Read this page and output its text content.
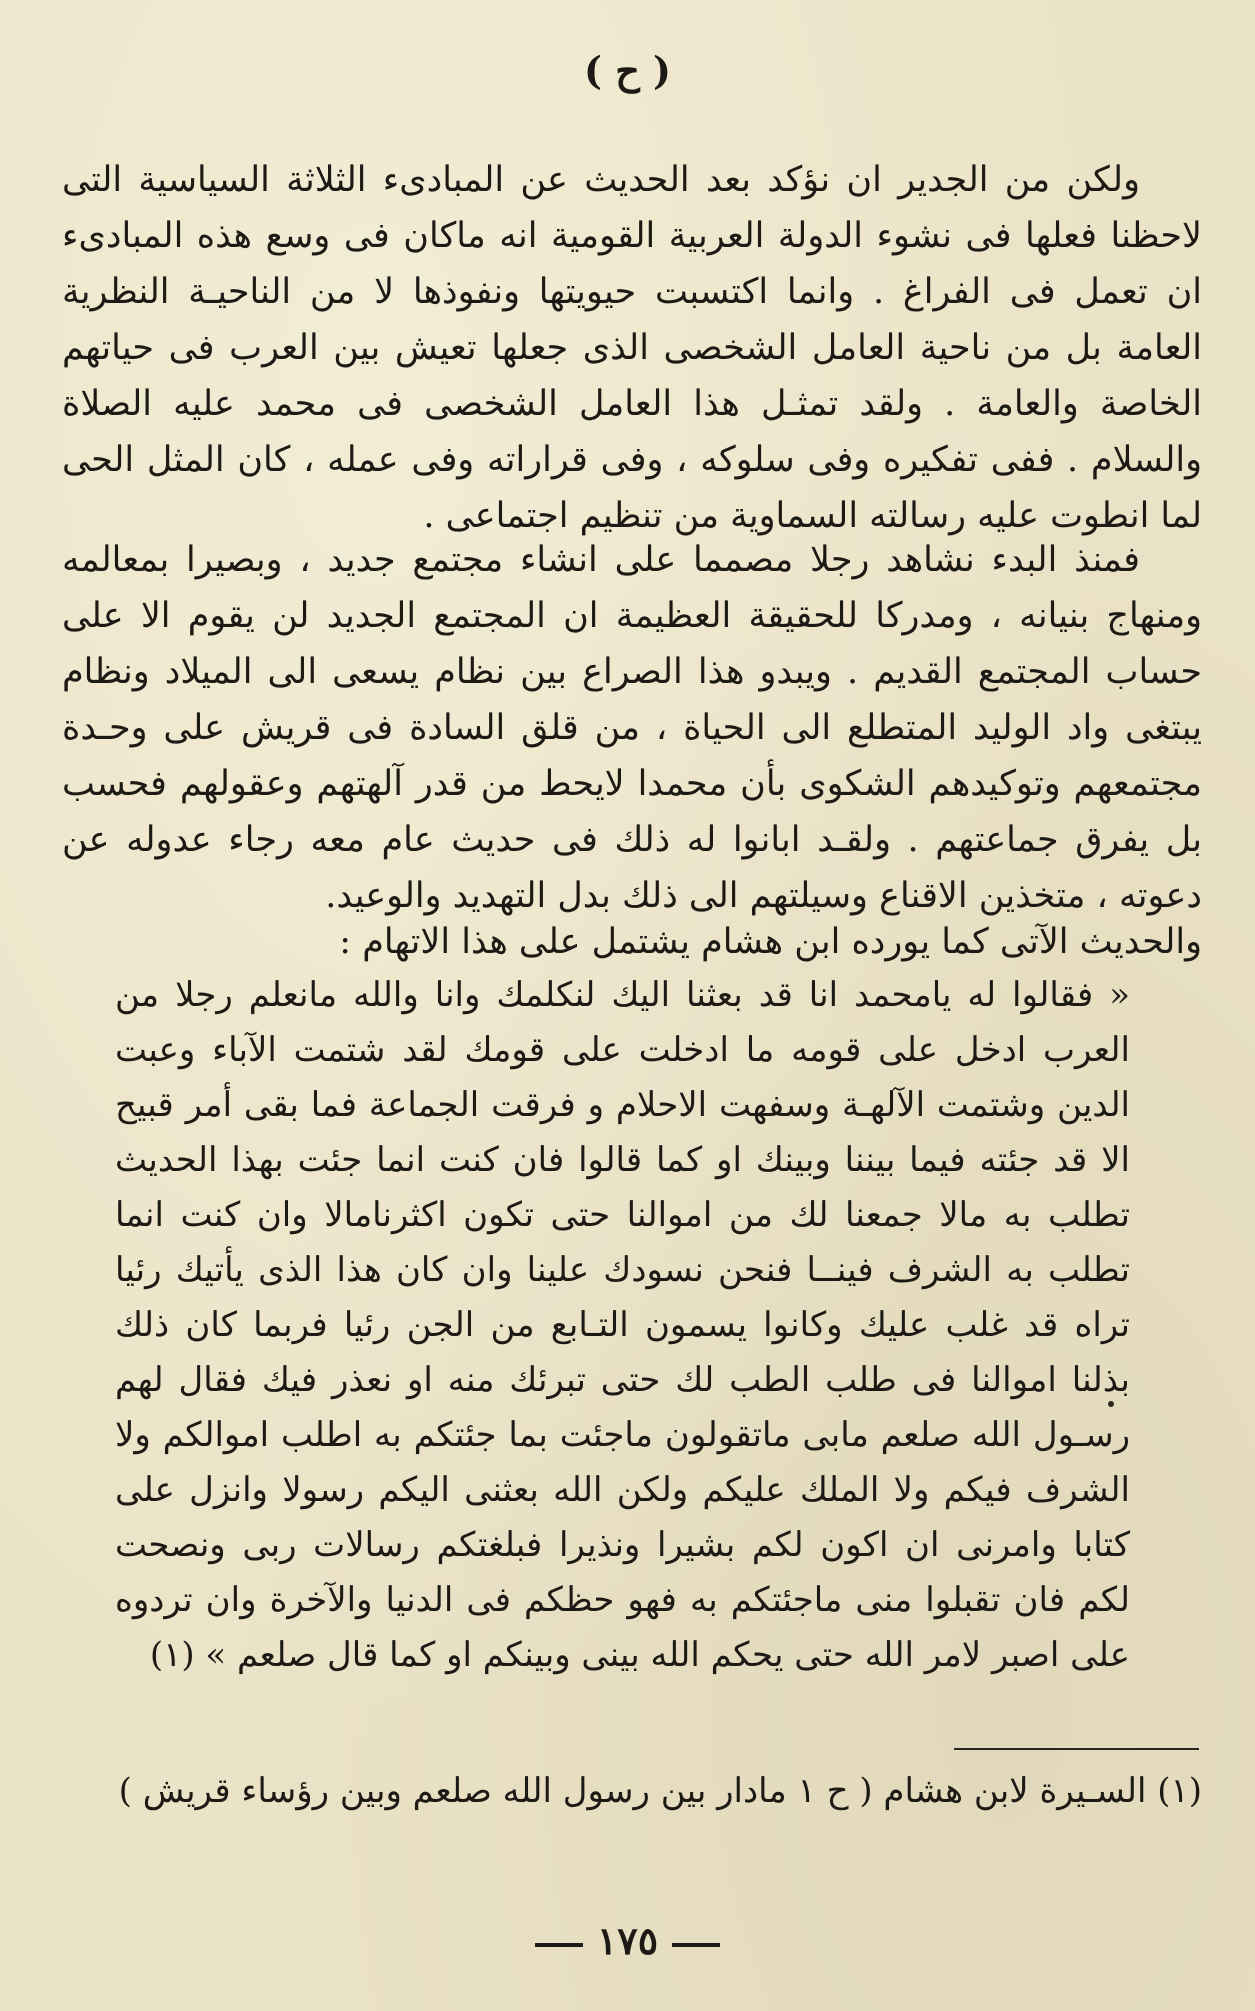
( ح )
ولكن من الجدير ان نؤكد بعد الحديث عن المبادىء الثلاثة السياسية التى لاحظنا فعلها فى نشوء الدولة العربية القومية انه ماكان فى وسع هذه المبادىء ان تعمل فى الفراغ . وانما اكتسبت حيويتها ونفوذها لا من الناحيـة النظرية العامة بل من ناحية العامل الشخصى الذى جعلها تعيش بين العرب فى حياتهم الخاصة والعامة . ولقد تمثـل هذا العامل الشخصى فى محمد عليه الصلاة والسلام . ففى تفكيره وفى سلوكه ، وفى قراراته وفى عمله ، كان المثل الحى لما انطوت عليه رسالته السماوية من تنظيم اجتماعى .
فمنذ البدء نشاهد رجلا مصمما على انشاء مجتمع جديد ، وبصيرا بمعالمه ومنهاج بنيانه ، ومدركا للحقيقة العظيمة ان المجتمع الجديد لن يقوم الا على حساب المجتمع القديم . ويبدو هذا الصراع بين نظام يسعى الى الميلاد ونظام يبتغى واد الوليد المتطلع الى الحياة ، من قلق السادة فى قريش على وحـدة مجتمعهم وتوكيدهم الشكوى بأن محمدا لايحط من قدر آلهتهم وعقولهم فحسب بل يفرق جماعتهم . ولقـد ابانوا له ذلك فى حديث عام معه رجاء عدوله عن دعوته ، متخذين الاقناع وسيلتهم الى ذلك بدل التهديد والوعيد.
والحديث الآتى كما يورده ابن هشام يشتمل على هذا الاتهام :
« فقالوا له يامحمد انا قد بعثنا اليك لنكلمك وانا والله مانعلم رجلا من العرب ادخل على قومه ما ادخلت على قومك لقد شتمت الآباء وعبت الدين وشتمت الآلهـة وسفهت الاحلام و فرقت الجماعة فما بقى أمر قبيح الا قد جئته فيما بيننا وبينك او كما قالوا فان كنت انما جئت بهذا الحديث تطلب به مالا جمعنا لك من اموالنا حتى تكون اكثرنامالا وان كنت انما تطلب به الشرف فينــا فنحن نسودك علينا وان كان هذا الذى يأتيك رئيا تراه قد غلب عليك وكانوا يسمون التـابع من الجن رئيا فربما كان ذلك بذلنا اموالنا فى طلب الطب لك حتى تبرئك منه او نعذر فيك فقال لهم رسـول الله صلعم مابى ماتقولون ماجئت بما جئتكم به اطلب اموالكم ولا الشرف فيكم ولا الملك عليكم ولكن الله بعثنى اليكم رسولا وانزل على كتابا وامرنى ان اكون لكم بشيرا ونذيرا فبلغتكم رسالات ربى ونصحت لكم فان تقبلوا منى ماجئتكم به فهو حظكم فى الدنيا والآخرة وان تردوه على اصبر لامر الله حتى يحكم الله بينى وبينكم او كما قال صلعم » (١)
(١) السـيرة لابن هشام ( ح ١ مادار بين رسول الله صلعم وبين رؤساء قريش )
١٧٥
